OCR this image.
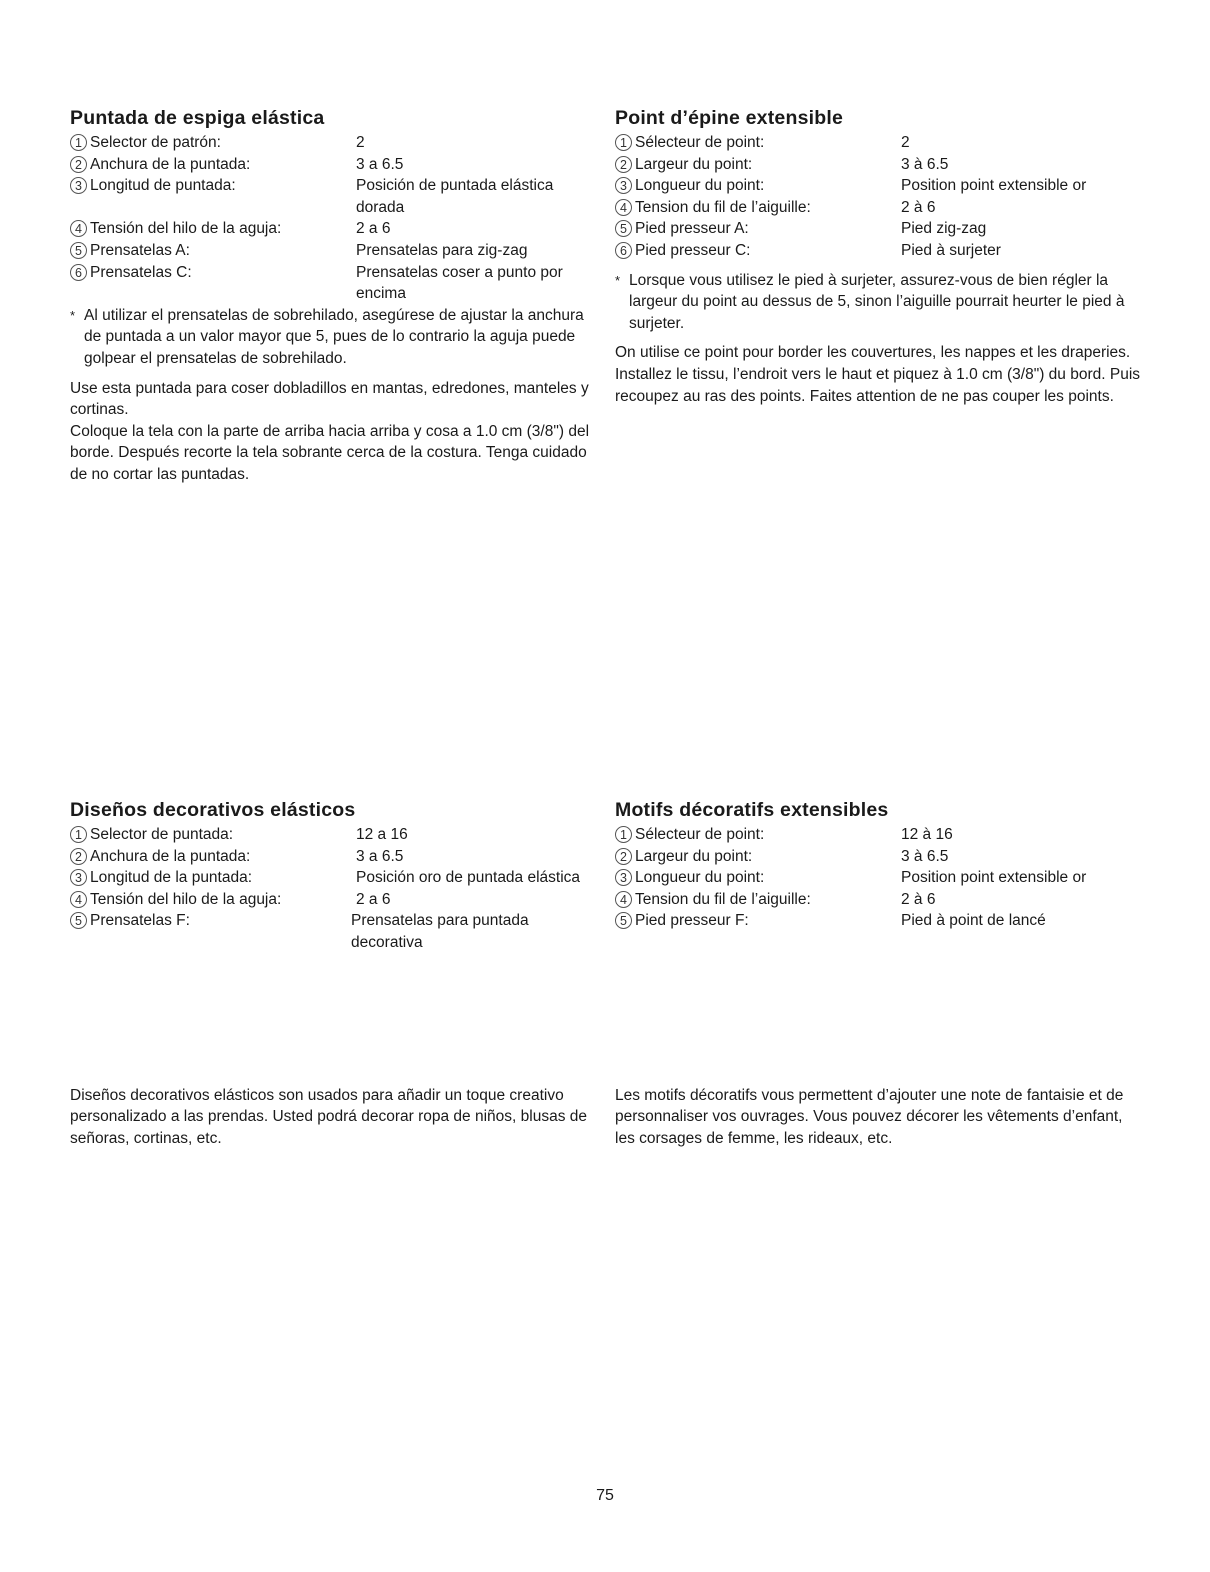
Puntada de espiga elástica
1 Selector de patrón:	2
2 Anchura de la puntada:	3 a 6.5
3 Longitud de puntada:	Posición de puntada elástica dorada
4 Tensión del hilo de la aguja:	2 a 6
5 Prensatelas A:	Prensatelas para zig-zag
6 Prensatelas C:	Prensatelas coser a punto por encima
* Al utilizar el prensatelas de sobrehilado, asegúrese de ajustar la anchura de puntada a un valor mayor que 5, pues de lo contrario la aguja puede golpear el prensatelas de sobrehilado.

Use esta puntada para coser dobladillos en mantas, edredones, manteles y cortinas.

Coloque la tela con la parte de arriba hacia arriba y cosa a 1.0 cm (3/8") del borde. Después recorte la tela sobrante cerca de la costura. Tenga cuidado de no cortar las puntadas.

Point d’épine extensible
1 Sélecteur de point:	2
2 Largeur du point:	3 à 6.5
3 Longueur du point:	Position point extensible or
4 Tension du fil de l’aiguille:	2 à 6
5 Pied presseur A:	Pied zig-zag
6 Pied presseur C:	Pied à surjeter
* Lorsque vous utilisez le pied à surjeter, assurez-vous de bien régler la largeur du point au dessus de 5, sinon l’aiguille pourrait heurter le pied à surjeter.

On utilise ce point pour border les couvertures, les nappes et les draperies.

Installez le tissu, l’endroit vers le haut et piquez à 1.0 cm (3/8") du bord. Puis recoupez au ras des points. Faites attention de ne pas couper les points.

Diseños decorativos elásticos
1 Selector de puntada:	12 a 16
2 Anchura de la puntada:	3 a 6.5
3 Longitud de la puntada:	Posición oro de puntada elástica
4 Tensión del hilo de la aguja:	2 a 6
5 Prensatelas F:	Prensatelas para puntada decorativa
Motifs décoratifs extensibles
1 Sélecteur de point:	12 à 16
2 Largeur du point:	3 à 6.5
3 Longueur du point:	Position point extensible or
4 Tension du fil de l’aiguille:	2 à 6
5 Pied presseur F:	Pied à point de lancé

Diseños decorativos elásticos son usados para añadir un toque creativo personalizado a las prendas. Usted podrá decorar ropa de niños, blusas de señoras, cortinas, etc.

Les motifs décoratifs vous permettent d’ajouter une note de fantaisie et de personnaliser vos ouvrages. Vous pouvez décorer les vêtements d’enfant, les corsages de femme, les rideaux, etc.

75
